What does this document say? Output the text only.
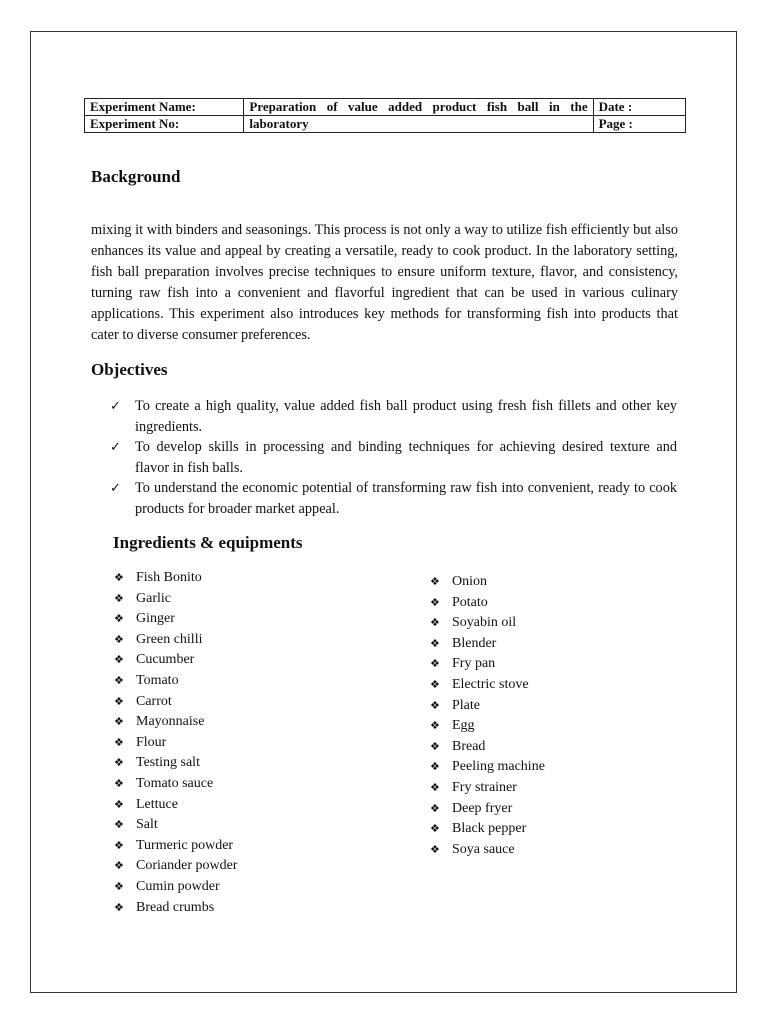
Experiment Name:	Preparation of value added product fish ball in the	Date :
Experiment No:	laboratory	Page :
Background

mixing it with binders and seasonings. This process is not only a way to utilize fish efficiently but also enhances its value and appeal by creating a versatile, ready to cook product. In the laboratory setting, fish ball preparation involves precise techniques to ensure uniform texture, flavor, and consistency, turning raw fish into a convenient and flavorful ingredient that can be used in various culinary applications. This experiment also introduces key methods for transforming fish into products that cater to diverse consumer preferences.

Objectives
✓ To create a high quality, value added fish ball product using fresh fish fillets and other key ingredients.
✓ To develop skills in processing and binding techniques for achieving desired texture and flavor in fish balls.
✓ To understand the economic potential of transforming raw fish into convenient, ready to cook products for broader market appeal.
Ingredients & equipments
❖ Fish Bonito
❖ Garlic
❖ Ginger
❖ Green chilli
❖ Cucumber
❖ Tomato
❖ Carrot
❖ Mayonnaise
❖ Flour
❖ Testing salt
❖ Tomato sauce
❖ Lettuce
❖ Salt
❖ Turmeric powder
❖ Coriander powder
❖ Cumin powder
❖ Bread crumbs
❖ Onion
❖ Potato
❖ Soyabin oil
❖ Blender
❖ Fry pan
❖ Electric stove
❖ Plate
❖ Egg
❖ Bread
❖ Peeling machine
❖ Fry strainer
❖ Deep fryer
❖ Black pepper
❖ Soya sauce
